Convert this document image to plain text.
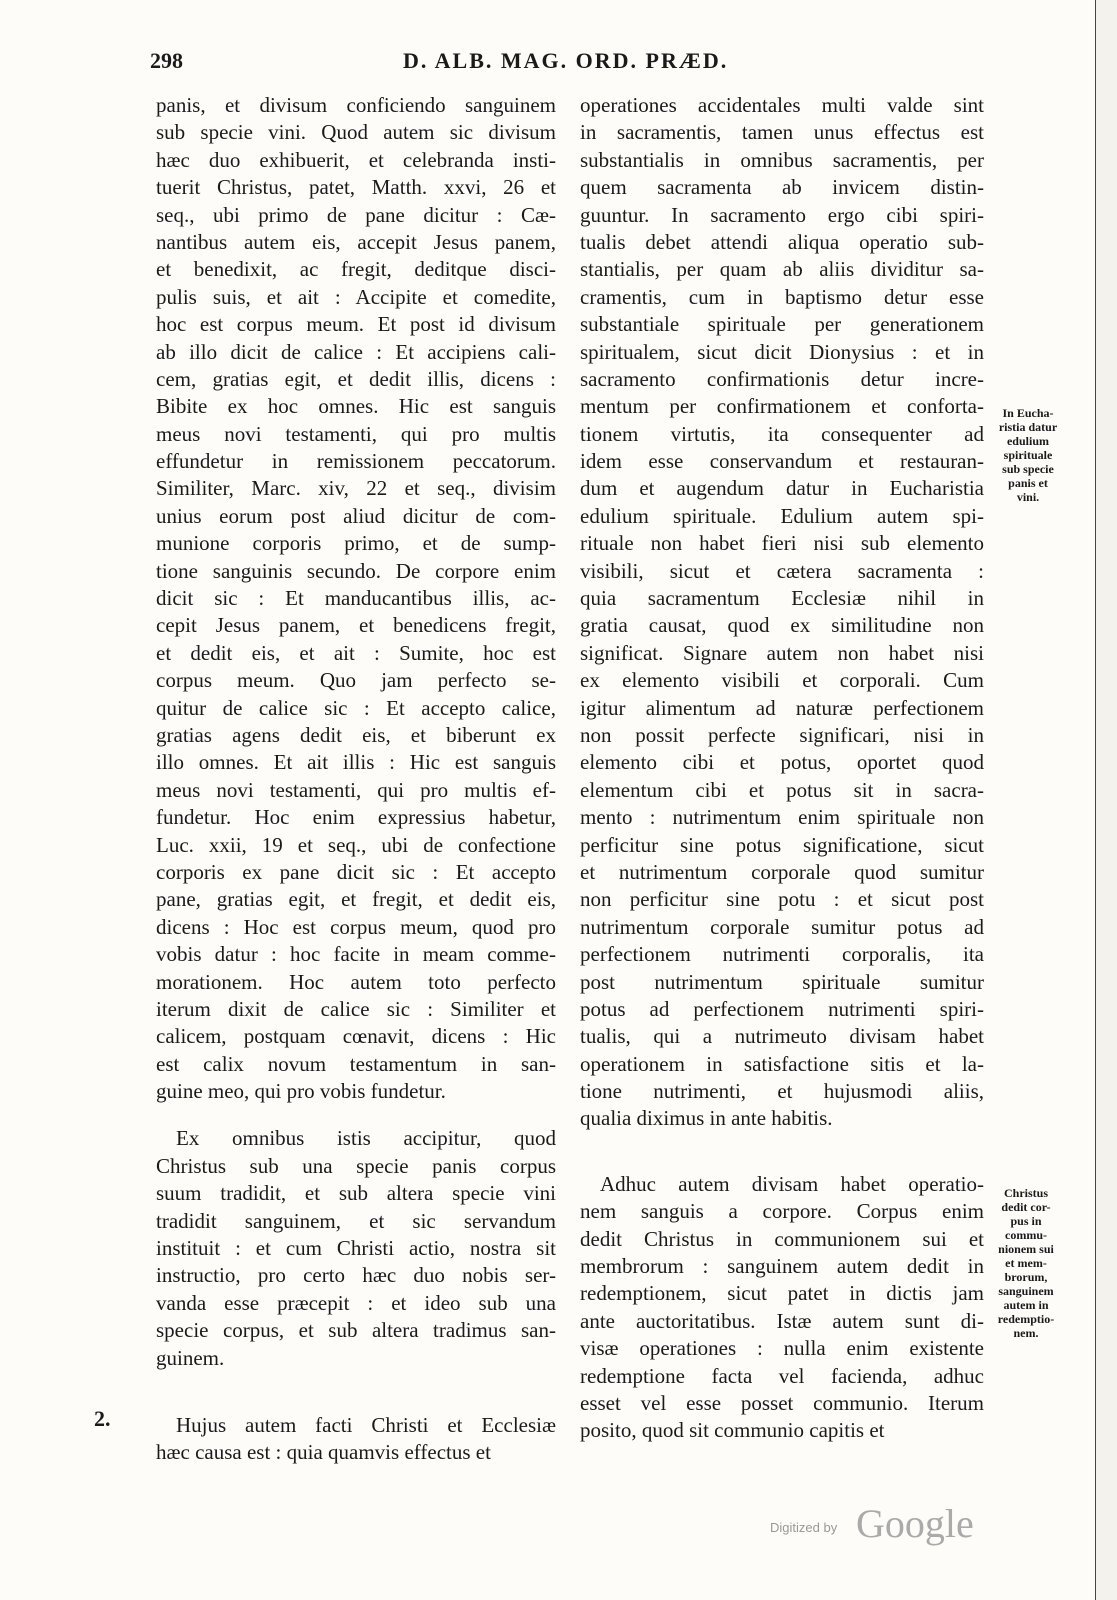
298	D. ALB. MAG. ORD. PRÆD.
panis, et divisum conficiendo sanguinem
sub specie vini. Quod autem sic divisum
hæc duo exhibuerit, et celebranda insti-
tuerit Christus, patet, Matth. xxvi, 26 et
seq., ubi primo de pane dicitur : Cæ-
nantibus autem eis, accepit Jesus panem,
et benedixit, ac fregit, deditque disci-
pulis suis, et ait : Accipite et comedite,
hoc est corpus meum. Et post id divisum
ab illo dicit de calice : Et accipiens cali-
cem, gratias egit, et dedit illis, dicens :
Bibite ex hoc omnes. Hic est sanguis
meus novi testamenti, qui pro multis
effundetur in remissionem peccatorum.
Similiter, Marc. xiv, 22 et seq., divisim
unius eorum post aliud dicitur de com-
munione corporis primo, et de sump-
tione sanguinis secundo. De corpore enim
dicit sic : Et manducantibus illis, ac-
cepit Jesus panem, et benedicens fregit,
et dedit eis, et ait : Sumite, hoc est
corpus meum. Quo jam perfecto se-
quitur de calice sic : Et accepto calice,
gratias agens dedit eis, et biberunt ex
illo omnes. Et ait illis : Hic est sanguis
meus novi testamenti, qui pro multis ef-
fundetur. Hoc enim expressius habetur,
Luc. xxii, 19 et seq., ubi de confectione
corporis ex pane dicit sic : Et accepto
pane, gratias egit, et fregit, et dedit eis,
dicens : Hoc est corpus meum, quod pro
vobis datur : hoc facite in meam comme-
morationem. Hoc autem toto perfecto
iterum dixit de calice sic : Similiter et
calicem, postquam cœnavit, dicens : Hic
est calix novum testamentum in san-
guine meo, qui pro vobis fundetur.
Ex omnibus istis accipitur, quod
Christus sub una specie panis corpus
suum tradidit, et sub altera specie vini
tradidit sanguinem, et sic servandum
instituit : et cum Christi actio, nostra sit
instructio, pro certo hæc duo nobis ser-
vanda esse præcepit : et ideo sub una
specie corpus, et sub altera tradimus san-
guinem.
Hujus autem facti Christi et Ecclesiæ
hæc causa est : quia quamvis effectus et
operationes accidentales multi valde sint
in sacramentis, tamen unus effectus est
substantialis in omnibus sacramentis, per
quem sacramenta ab invicem distin-
guuntur. In sacramento ergo cibi spiri-
tualis debet attendi aliqua operatio sub-
stantialis, per quam ab aliis dividitur sa-
cramentis, cum in baptismo detur esse
substantiale spirituale per generationem
spiritualem, sicut dicit Dionysius : et in
sacramento confirmationis detur incre-
mentum per confirmationem et conforta-
tionem virtutis, ita consequenter ad
idem esse conservandum et restauran-
dum et augendum datur in Eucharistia
edulium spirituale. Edulium autem spi-
rituale non habet fieri nisi sub elemento
visibili, sicut et cætera sacramenta :
quia sacramentum Ecclesiæ nihil in
gratia causat, quod ex similitudine non
significat. Signare autem non habet nisi
ex elemento visibili et corporali. Cum
igitur alimentum ad naturæ perfectionem
non possit perfecte significari, nisi in
elemento cibi et potus, oportet quod
elementum cibi et potus sit in sacra-
mento : nutrimentum enim spirituale non
perficitur sine potus significatione, sicut
et nutrimentum corporale quod sumitur
non perficitur sine potu : et sicut post
nutrimentum corporale sumitur potus ad
perfectionem nutrimenti corporalis, ita
post nutrimentum spirituale sumitur
potus ad perfectionem nutrimenti spiri-
tualis, qui a nutrimeuto divisam habet
operationem in satisfactione sitis et la-
tione nutrimenti, et hujusmodi aliis,
qualia diximus in ante habitis.
Adhuc autem divisam habet operatio-
nem sanguis a corpore. Corpus enim
dedit Christus in communionem sui et
membrorum : sanguinem autem dedit in
redemptionem, sicut patet in dictis jam
ante auctoritatibus. Istæ autem sunt di-
visæ operationes : nulla enim existente
redemptione facta vel facienda, adhuc
esset vel esse posset communio. Iterum
posito, quod sit communio capitis et
In Eucha-
ristia datur
edulium
spirituale
sub specie
panis et
vini.
Christus
dedit cor-
pus in
commu-
nionem sui
et mem-
brorum,
sanguinem
autem in
redemptio-
nem.
2.
Digitized by Google
